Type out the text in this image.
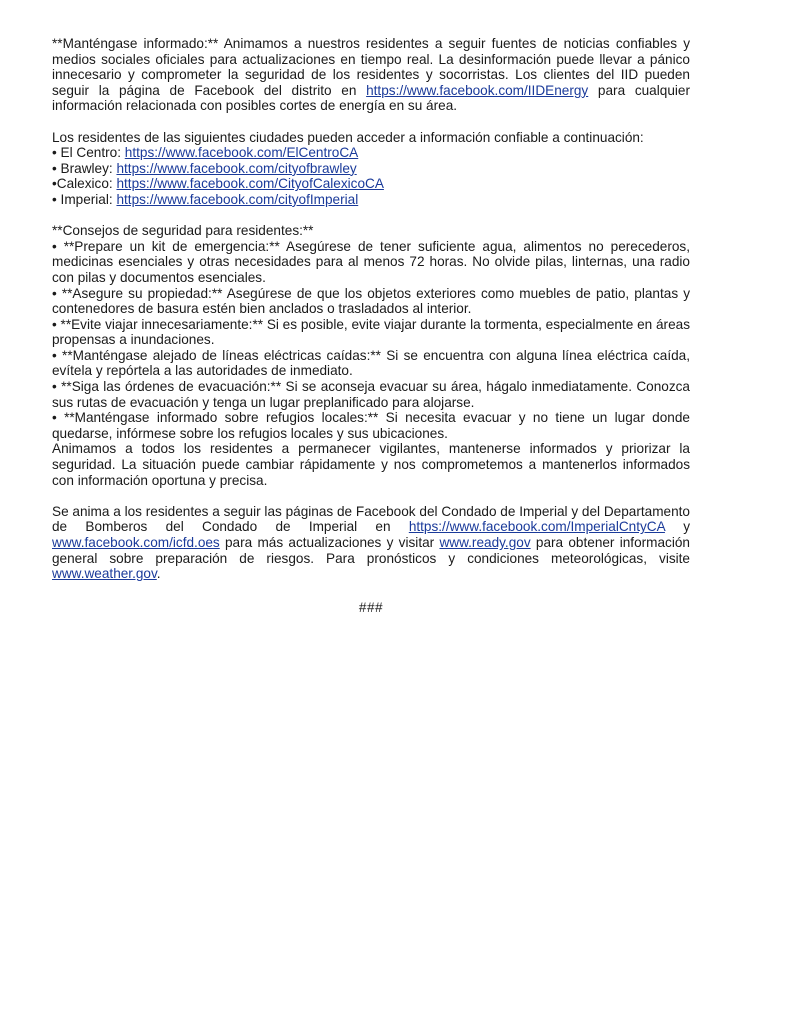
**Manténgase informado:** Animamos a nuestros residentes a seguir fuentes de noticias confiables y medios sociales oficiales para actualizaciones en tiempo real. La desinformación puede llevar a pánico innecesario y comprometer la seguridad de los residentes y socorristas. Los clientes del IID pueden seguir la página de Facebook del distrito en https://www.facebook.com/IIDEnergy para cualquier información relacionada con posibles cortes de energía en su área.

Los residentes de las siguientes ciudades pueden acceder a información confiable a continuación:

• El Centro: https://www.facebook.com/ElCentroCA

• Brawley: https://www.facebook.com/cityofbrawley

•Calexico: https://www.facebook.com/CityofCalexicoCA

• Imperial: https://www.facebook.com/cityofImperial

**Consejos de seguridad para residentes:**

• **Prepare un kit de emergencia:** Asegúrese de tener suficiente agua, alimentos no perecederos, medicinas esenciales y otras necesidades para al menos 72 horas. No olvide pilas, linternas, una radio con pilas y documentos esenciales.

• **Asegure su propiedad:** Asegúrese de que los objetos exteriores como muebles de patio, plantas y contenedores de basura estén bien anclados o trasladados al interior.

• **Evite viajar innecesariamente:** Si es posible, evite viajar durante la tormenta, especialmente en áreas propensas a inundaciones.

• **Manténgase alejado de líneas eléctricas caídas:** Si se encuentra con alguna línea eléctrica caída, evítela y repórtela a las autoridades de inmediato.

• **Siga las órdenes de evacuación:** Si se aconseja evacuar su área, hágalo inmediatamente. Conozca sus rutas de evacuación y tenga un lugar preplanificado para alojarse.

• **Manténgase informado sobre refugios locales:** Si necesita evacuar y no tiene un lugar donde quedarse, infórmese sobre los refugios locales y sus ubicaciones.

Animamos a todos los residentes a permanecer vigilantes, mantenerse informados y priorizar la seguridad. La situación puede cambiar rápidamente y nos comprometemos a mantenerlos informados con información oportuna y precisa.

Se anima a los residentes a seguir las páginas de Facebook del Condado de Imperial y del Departamento de Bomberos del Condado de Imperial en https://www.facebook.com/ImperialCntyCA y www.facebook.com/icfd.oes para más actualizaciones y visitar www.ready.gov para obtener información general sobre preparación de riesgos. Para pronósticos y condiciones meteorológicas, visite www.weather.gov.

###
